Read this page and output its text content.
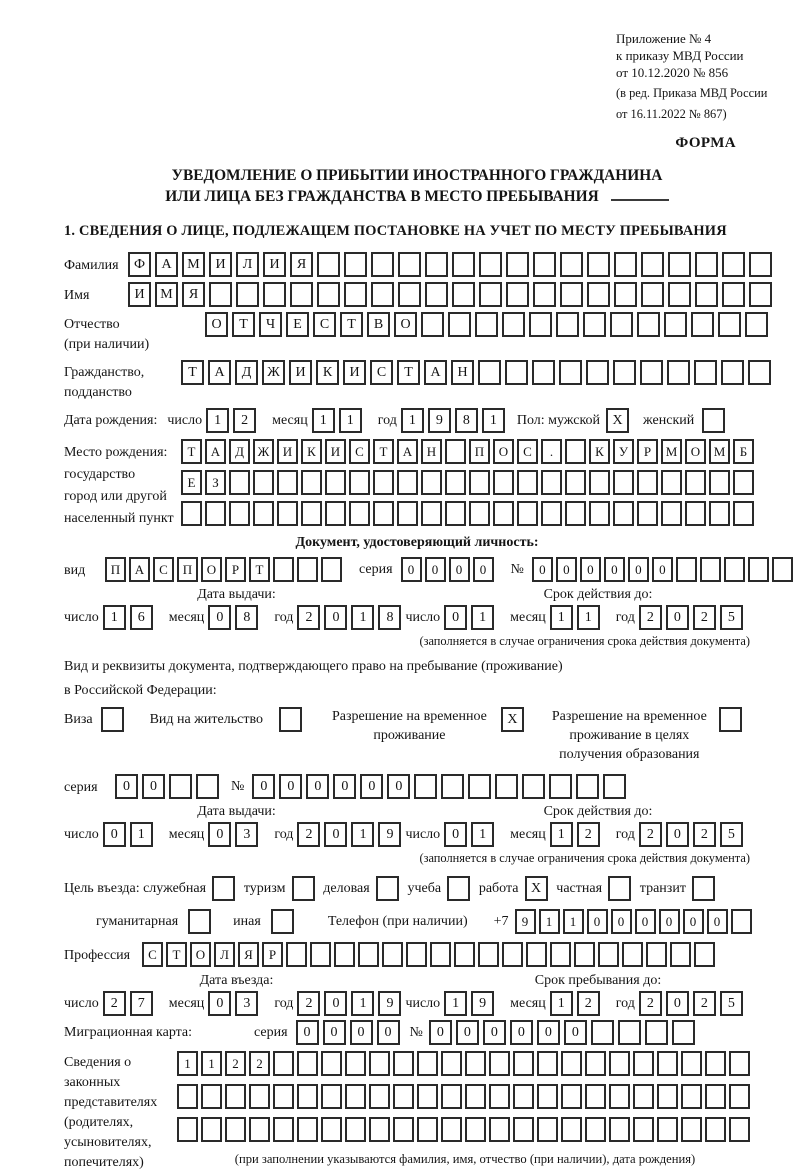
Приложение № 4
к приказу МВД России
от 10.12.2020 № 856
(в ред. Приказа МВД России
от 16.11.2022 № 867)
ФОРМА
УВЕДОМЛЕНИЕ О ПРИБЫТИИ ИНОСТРАННОГО ГРАЖДАНИНА
ИЛИ ЛИЦА БЕЗ ГРАЖДАНСТВА В МЕСТО ПРЕБЫВАНИЯ
1. СВЕДЕНИЯ О ЛИЦЕ, ПОДЛЕЖАЩЕМ ПОСТАНОВКЕ НА УЧЕТ ПО МЕСТУ ПРЕБЫВАНИЯ
Фамилия	Ф	А	М	И	Л	И	Я
Имя	И	М	Я
Отчество
(при наличии)
О	Т	Ч	Е	С	Т	В	О
Гражданство,
подданство
Т	А	Д	Ж	И	К	И	С	Т	А	Н
Дата рождения: число 1	2	месяц 1	1	год 1	9	8	1	Пол: мужской X	женский
Место рождения:
государство
город или другой
населенный пункт
Т	А	Д	Ж	И	К	И	С	Т	А	Н	П	О	С	.	К	У	Р	М	О	М	Б
Е	З
Документ, удостоверяющий личность:
вид	П	А	С	П	О	Р	Т	серия	0	0	0	0	№	0	0	0	0	0	0
Дата выдачи:	Срок действия до:
число 1	6	месяц 0	8	год 2	0	1	8 число 0	1	месяц 1	1	год 2	0	2	5
(заполняется в случае ограничения срока действия документа)
Вид и реквизиты документа, подтверждающего право на пребывание (проживание)
в Российской Федерации:
Виза	Вид на жительство	Разрешение на временное
проживание
X	Разрешение на временное
проживание в целях
получения образования
серия	0	0	№	0	0	0	0	0	0
Дата выдачи:	Срок действия до:
число 0	1	месяц 0	3	год 2	0	1	9 число 0	1	месяц 1	2	год 2	0	2	5
(заполняется в случае ограничения срока действия документа)
Цель въезда: служебная	туризм	деловая	учеба	работа X	частная	транзит
гуманитарная	иная	Телефон (при наличии) +7	9	1	1	0	0	0	0	0	0
Профессия	С	Т	О	Л	Я	Р
Дата въезда:	Срок пребывания до:
число 2	7	месяц 0	3	год 2	0	1	9 число 1	9	месяц 1	2	год 2	0	2	5
Миграционная карта:	серия	0	0	0	0	№	0	0	0	0	0	0
Сведения о
законных
представителях
(родителях,
усыновителях,
попечителях)
1	1	2	2
(при заполнении указываются фамилия, имя, отчество (при наличии), дата рождения)
